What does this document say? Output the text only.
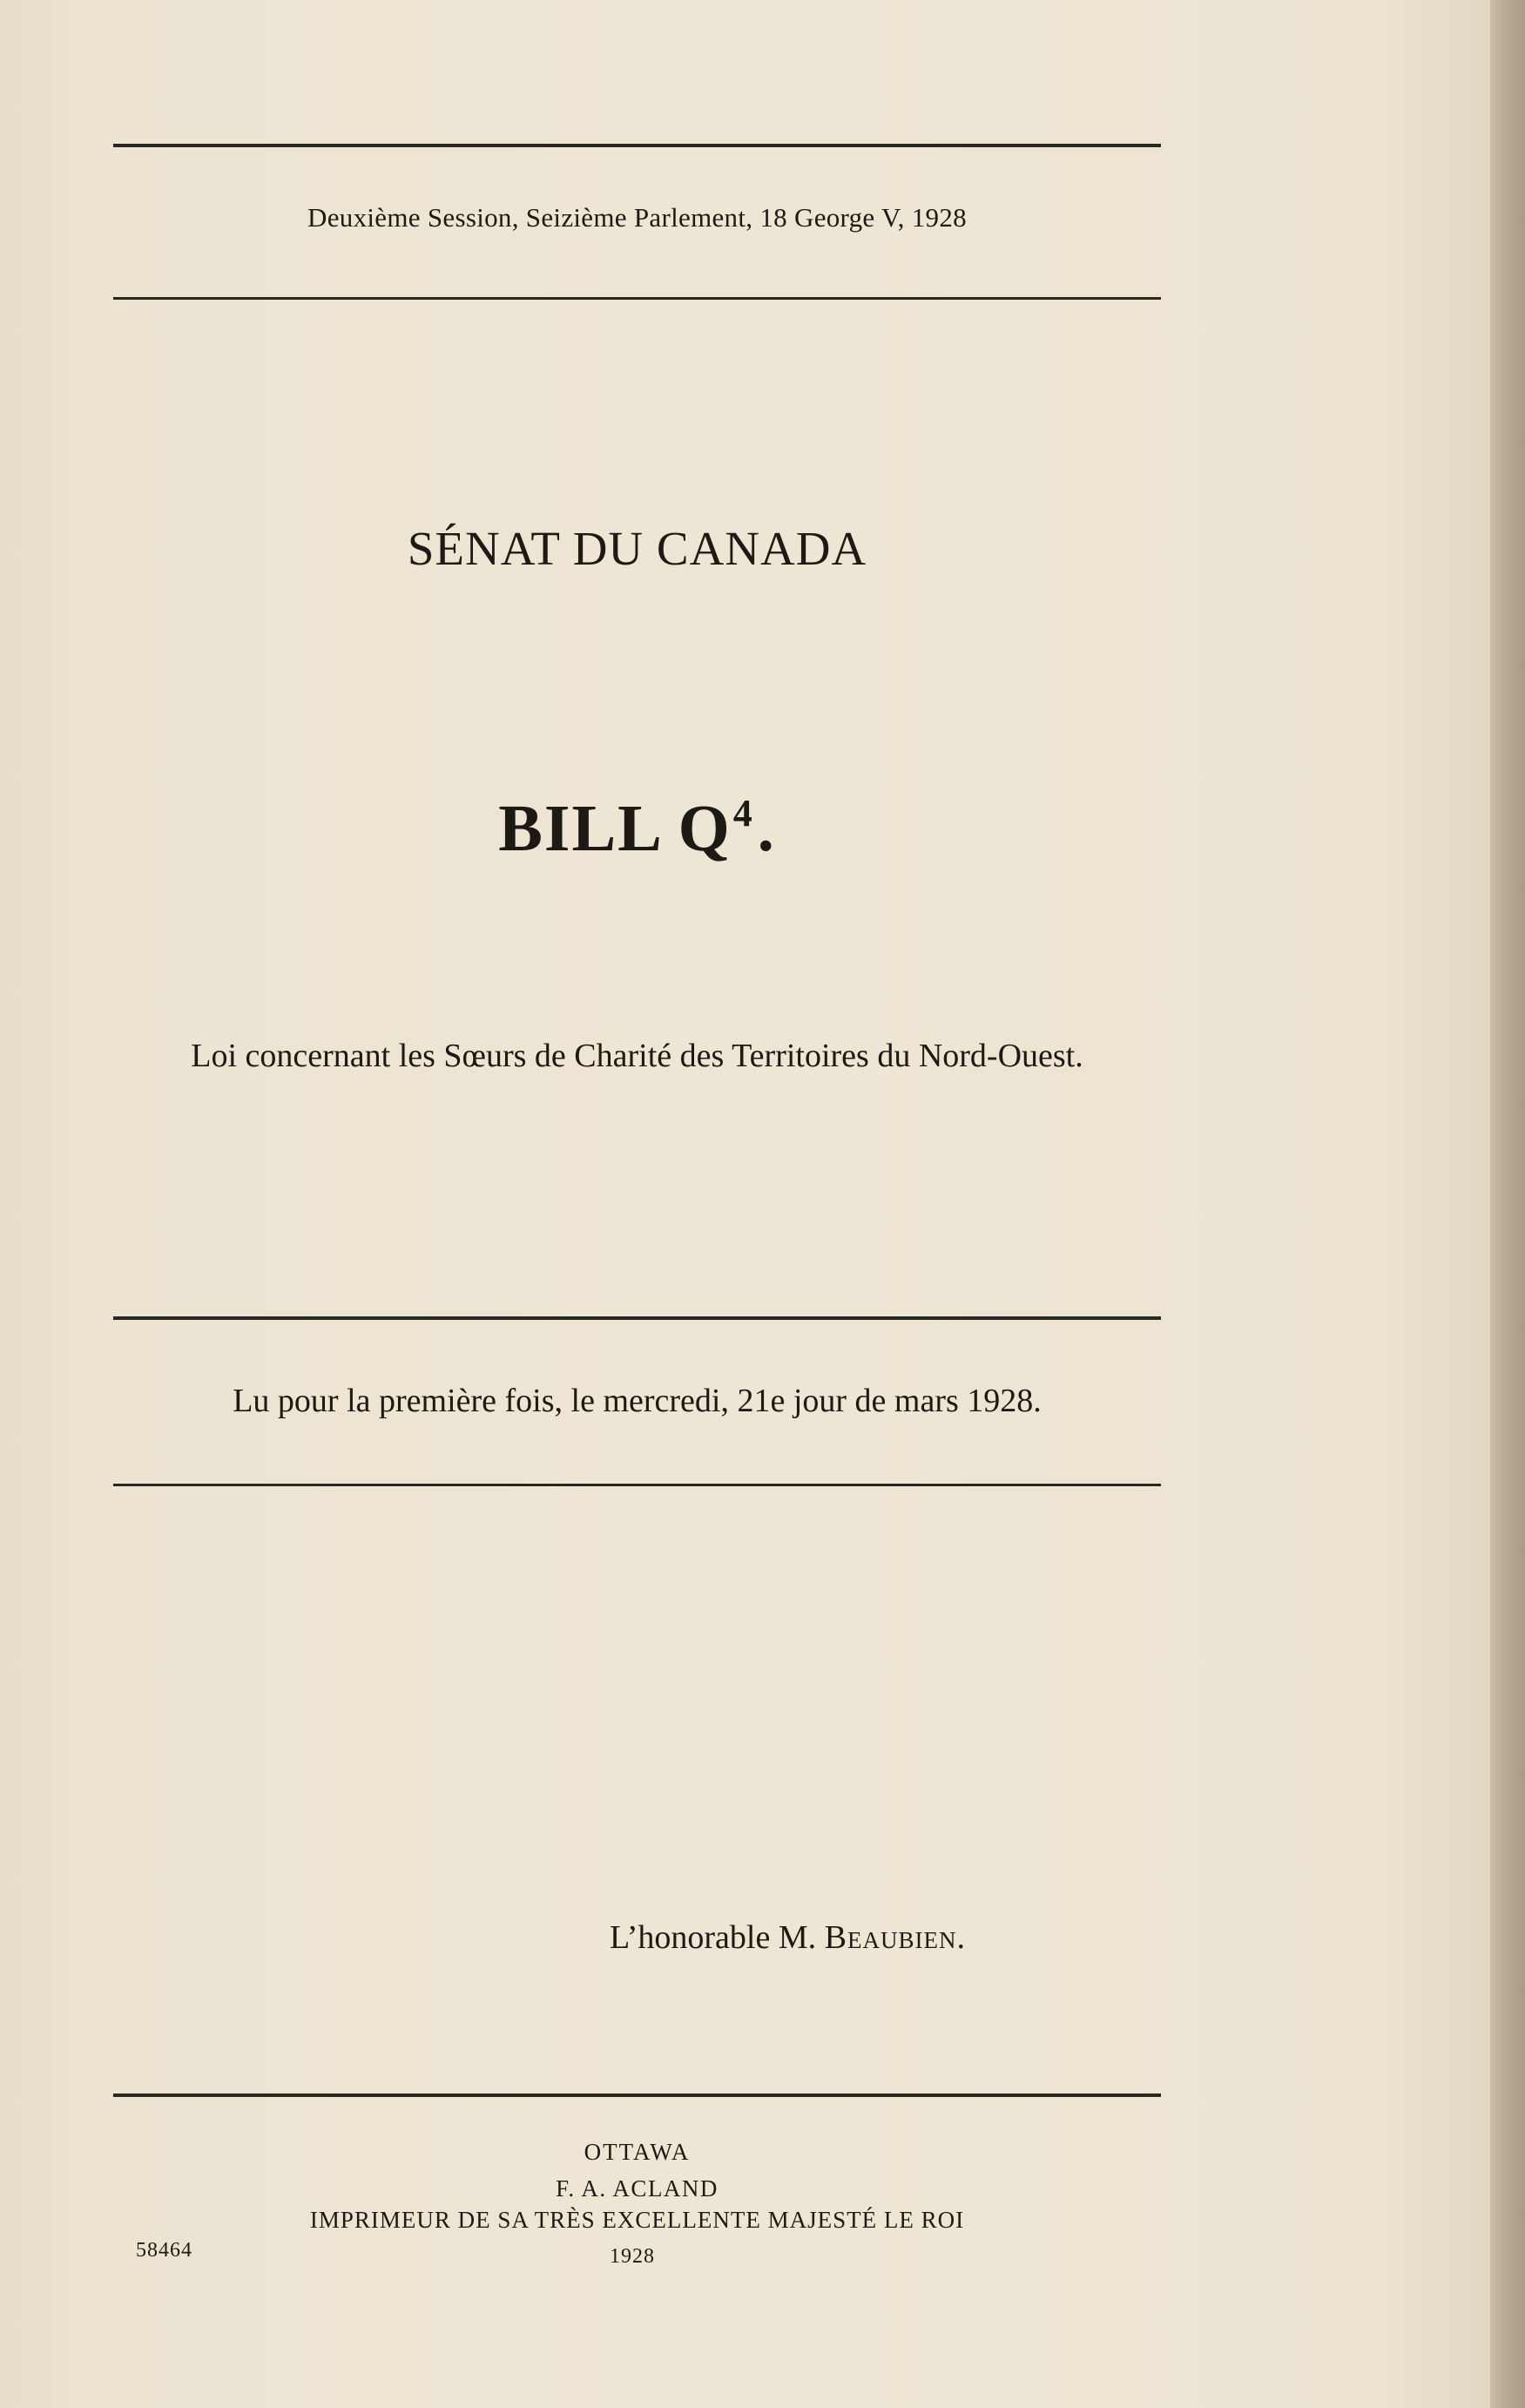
Deuxième Session, Seizième Parlement, 18 George V, 1928
SÉNAT DU CANADA
BILL $Q^4$.
Loi concernant les Sœurs de Charité des Territoires du Nord-Ouest.
Lu pour la première fois, le mercredi, 21e jour de mars 1928.
L’honorable M. Beaubien.
OTTAWA
F. A. ACLAND
IMPRIMEUR DE SA TRÈS EXCELLENTE MAJESTÉ LE ROI
58464	1928
